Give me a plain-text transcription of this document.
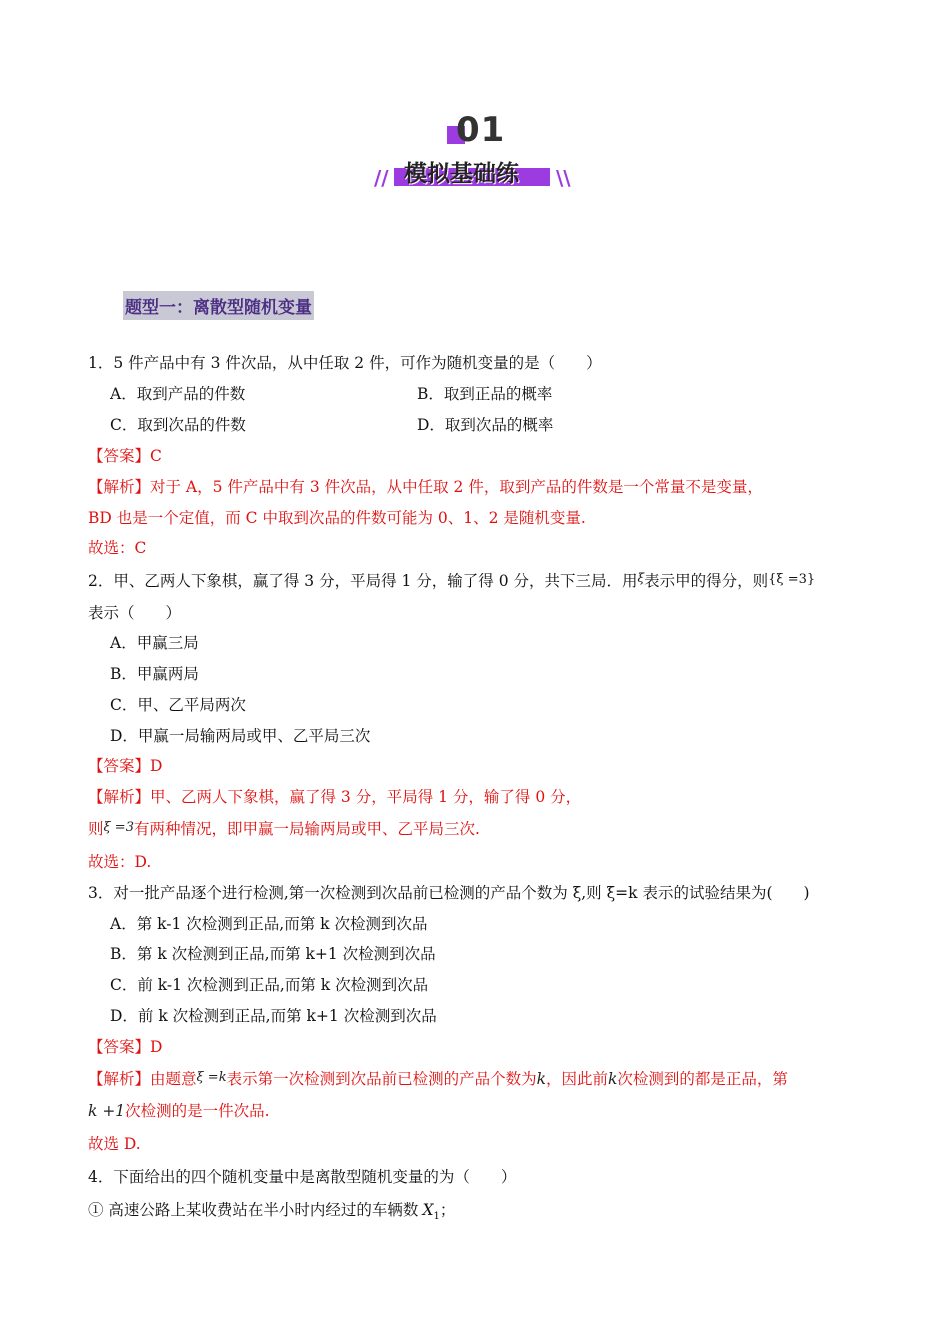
01
// 模拟基础练 \\
题型一：离散型随机变量
1．5 件产品中有 3 件次品，从中任取 2 件，可作为随机变量的是（　　）
A．取到产品的件数	B．取到正品的概率
C．取到次品的件数	D．取到次品的概率
【答案】C
【解析】对于 A，5 件产品中有 3 件次品，从中任取 2 件，取到产品的件数是一个常量不是变量，
BD 也是一个定值，而 C 中取到次品的件数可能为 0、1、2 是随机变量.
故选：C
2．甲、乙两人下象棋，赢了得 3 分，平局得 1 分，输了得 0 分，共下三局．用$^\xi$表示甲的得分，则{ξ =3}
表示（　　）
A．甲赢三局
B．甲赢两局
C．甲、乙平局两次
D．甲赢一局输两局或甲、乙平局三次
【答案】D
【解析】甲、乙两人下象棋，赢了得 3 分，平局得 1 分，输了得 0 分，
则ξ =3有两种情况，即甲赢一局输两局或甲、乙平局三次.
故选：D.
3．对一批产品逐个进行检测,第一次检测到次品前已检测的产品个数为 ξ,则 ξ=k 表示的试验结果为(　　)
A．第 k-1 次检测到正品,而第 k 次检测到次品
B．第 k 次检测到正品,而第 k+1 次检测到次品
C．前 k-1 次检测到正品,而第 k 次检测到次品
D．前 k 次检测到正品,而第 k+1 次检测到次品
【答案】D
【解析】由题意ξ =k表示第一次检测到次品前已检测的产品个数为k，因此前k次检测到的都是正品，第
k +1次检测的是一件次品.
故选 D.
4．下面给出的四个随机变量中是离散型随机变量的为（　　）
① 高速公路上某收费站在半小时内经过的车辆数 $X_1$；
